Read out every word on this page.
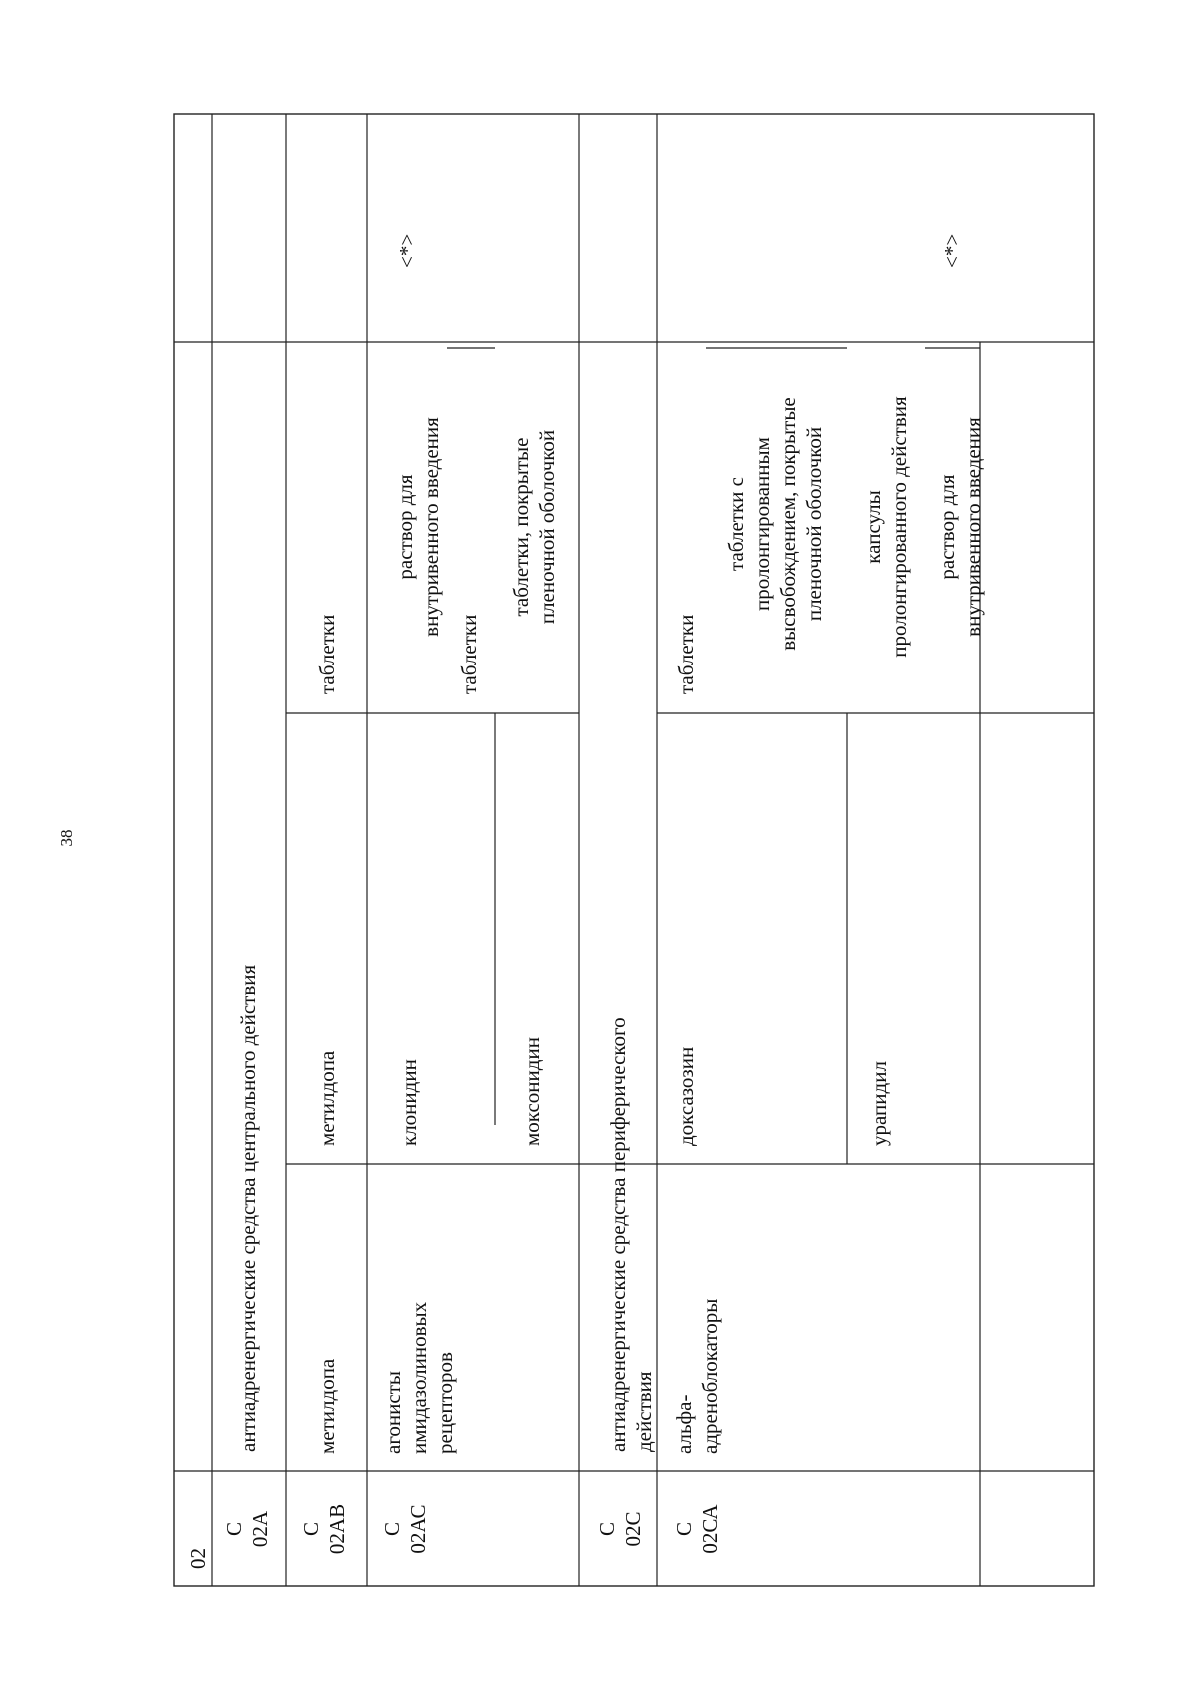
38
02
С
02А
антиадренергические средства центрального действия
С
02АВ
метилдопа
метилдопа
таблетки
С
02АС
агонисты
имидазолиновых
рецепторов
клонидин
раствор для
внутривенного введения
<*>
таблетки
моксонидин
таблетки, покрытые
пленочной оболочкой
С
02С
антиадренергические средства периферического действия
С
02СА
альфа-
адреноблокаторы
доксазозин
таблетки
таблетки с
пролонгированным
высвобождением, покрытые
пленочной оболочкой
урапидил
капсулы
пролонгированного действия
раствор для
внутривенного введения
<*>
